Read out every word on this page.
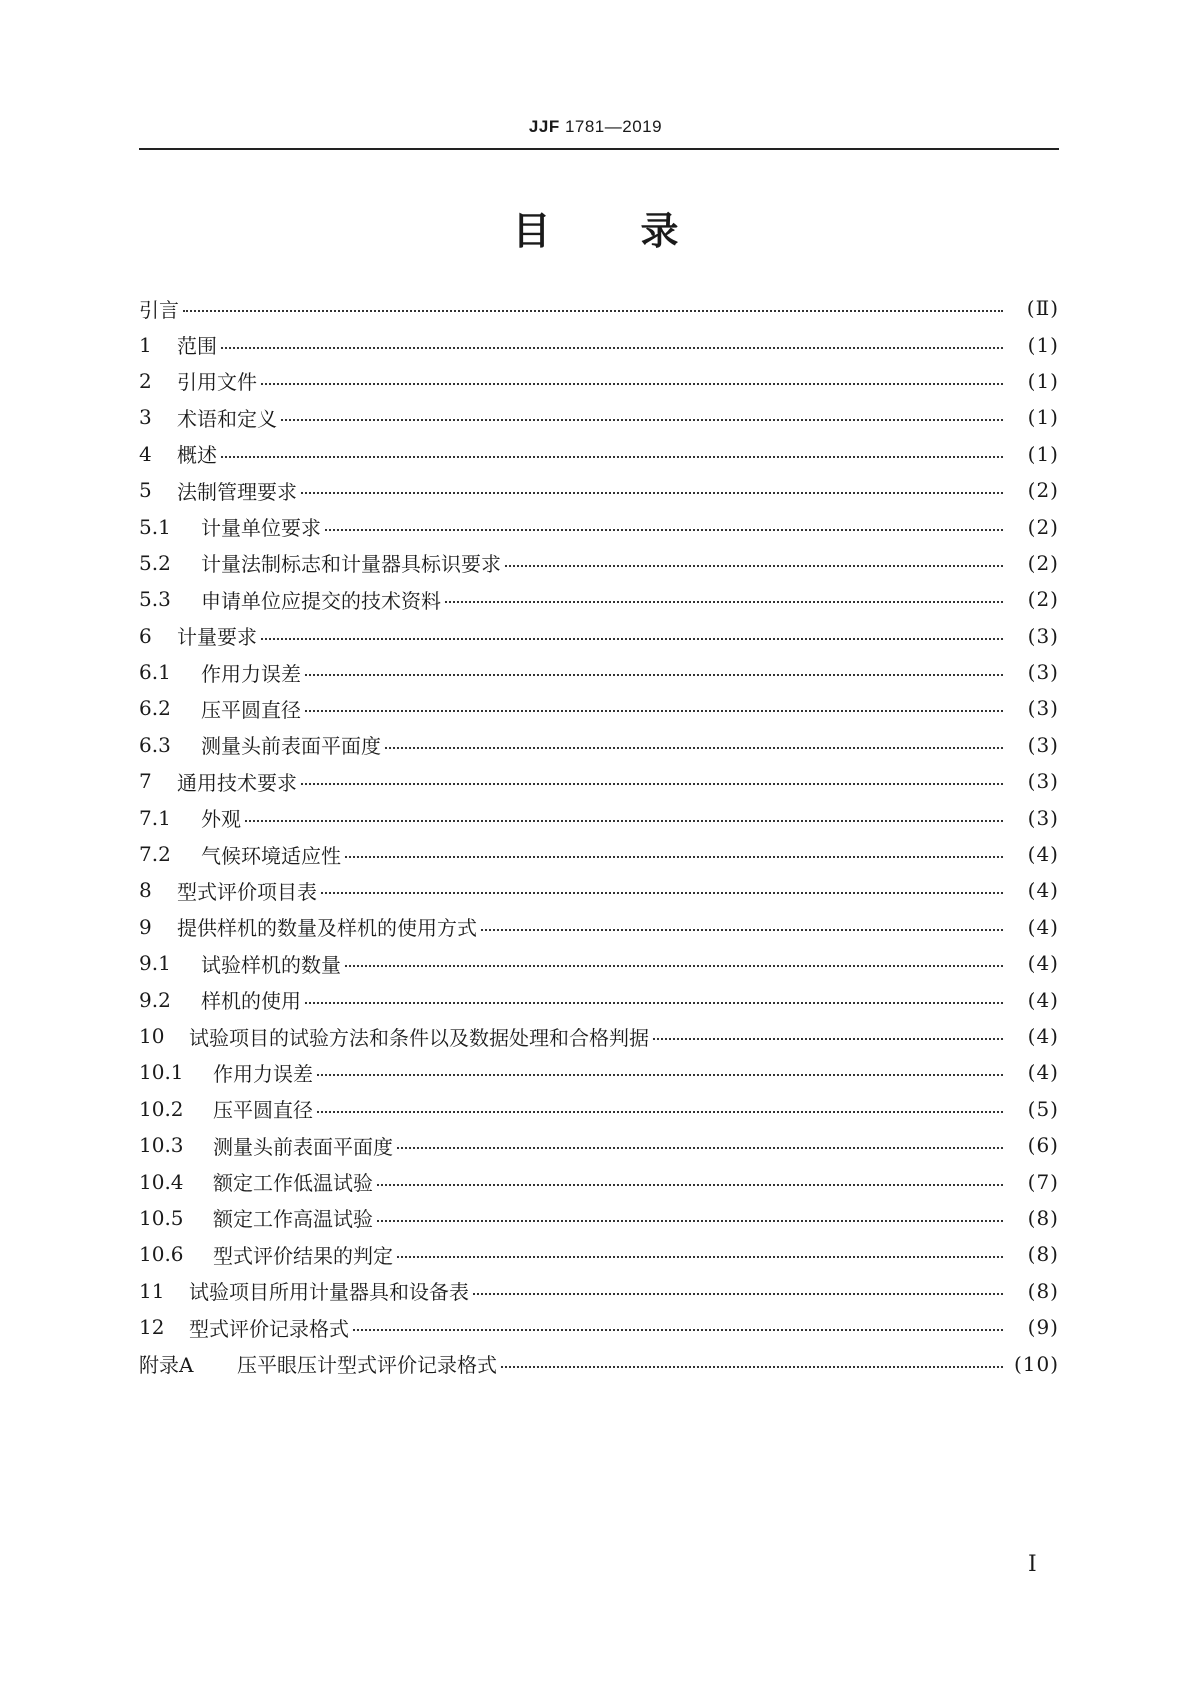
JJF 1781—2019
目 录
引言	(Ⅱ)
1	范围	(1)
2	引用文件	(1)
3	术语和定义	(1)
4	概述	(1)
5	法制管理要求	(2)
5.1	计量单位要求	(2)
5.2	计量法制标志和计量器具标识要求	(2)
5.3	申请单位应提交的技术资料	(2)
6	计量要求	(3)
6.1	作用力误差	(3)
6.2	压平圆直径	(3)
6.3	测量头前表面平面度	(3)
7	通用技术要求	(3)
7.1	外观	(3)
7.2	气候环境适应性	(4)
8	型式评价项目表	(4)
9	提供样机的数量及样机的使用方式	(4)
9.1	试验样机的数量	(4)
9.2	样机的使用	(4)
10	试验项目的试验方法和条件以及数据处理和合格判据	(4)
10.1	作用力误差	(4)
10.2	压平圆直径	(5)
10.3	测量头前表面平面度	(6)
10.4	额定工作低温试验	(7)
10.5	额定工作高温试验	(8)
10.6	型式评价结果的判定	(8)
11	试验项目所用计量器具和设备表	(8)
12	型式评价记录格式	(9)
附录A	压平眼压计型式评价记录格式	(10)
Ⅰ
